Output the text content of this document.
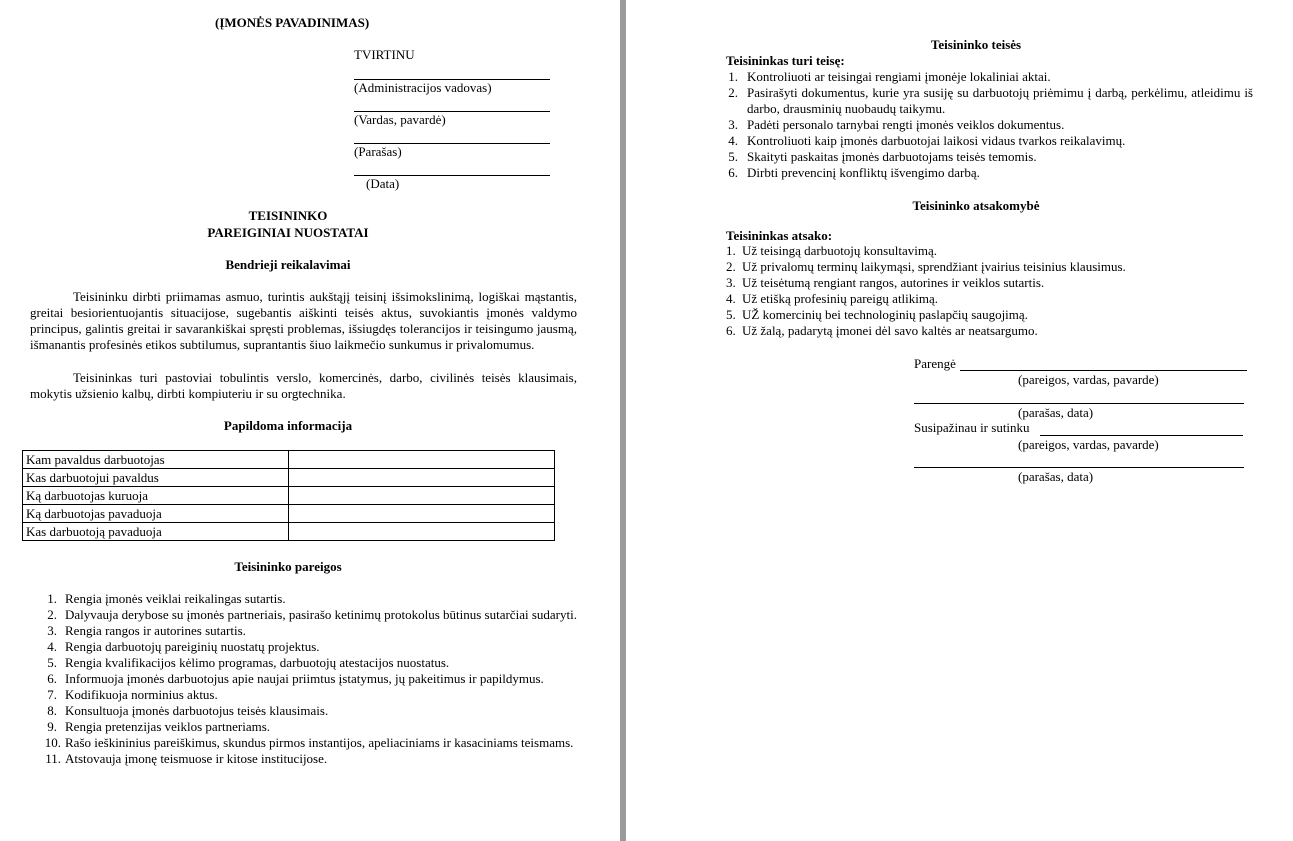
(ĮMONĖS PAVADINIMAS)
TVIRTINU
(Administracijos vadovas)
(Vardas, pavardė)
(Parašas)
(Data)
TEISININKO
PAREIGINIAI NUOSTATAI
Bendrieji reikalavimai
Teisininku dirbti priimamas asmuo, turintis aukštąjį teisinį išsimokslinimą, logiškai mąstantis, greitai besiorientuojantis situacijose, sugebantis aiškinti teisės aktus, suvokiantis įmonės valdymo principus, galintis greitai ir savarankiškai spręsti problemas, išsiugdęs tolerancijos ir teisingumo jausmą, išmanantis profesinės etikos subtilumus, suprantantis šiuo laikmečio sunkumus ir privalomumus.
Teisininkas turi pastoviai tobulintis verslo, komercinės, darbo, civilinės teisės klausimais, mokytis užsienio kalbų, dirbti kompiuteriu ir su orgtechnika.
Papildoma informacija
Kam pavaldus darbuotojas	
Kas darbuotojui pavaldus	
Ką darbuotojas kuruoja	
Ką darbuotojas pavaduoja	
Kas darbuotoją pavaduoja	
Teisininko pareigos
1. Rengia įmonės veiklai reikalingas sutartis.
2. Dalyvauja derybose su įmonės partneriais, pasirašo ketinimų protokolus būtinus sutarčiai sudaryti.
3. Rengia rangos ir autorines sutartis.
4. Rengia darbuotojų pareiginių nuostatų projektus.
5. Rengia kvalifikacijos kėlimo programas, darbuotojų atestacijos nuostatus.
6. Informuoja įmonės darbuotojus apie naujai priimtus įstatymus, jų pakeitimus ir papildymus.
7. Kodifikuoja norminius aktus.
8. Konsultuoja įmonės darbuotojus teisės klausimais.
9. Rengia pretenzijas veiklos partneriams.
10. Rašo ieškininius pareiškimus, skundus pirmos instantijos, apeliaciniams ir kasaciniams teismams.
11. Atstovauja įmonę teismuose ir kitose institucijose.
Teisininko teisės
Teisininkas turi teisę:
1. Kontroliuoti ar teisingai rengiami įmonėje lokaliniai aktai.
2. Pasirašyti dokumentus, kurie yra susiję su darbuotojų priėmimu į darbą, perkėlimu, atleidimu iš darbo, drausminių nuobaudų taikymu.
3. Padėti personalo tarnybai rengti įmonės veiklos dokumentus.
4. Kontroliuoti kaip įmonės darbuotojai laikosi vidaus tvarkos reikalavimų.
5. Skaityti paskaitas įmonės darbuotojams teisės temomis.
6. Dirbti prevencinį konfliktų išvengimo darbą.
Teisininko atsakomybė
Teisininkas atsako:
1. Už teisingą darbuotojų konsultavimą.
2. Už privalomų terminų laikymąsi, sprendžiant įvairius teisinius klausimus.
3. Už teisėtumą rengiant rangos, autorines ir veiklos sutartis.
4. Už etišką profesinių pareigų atlikimą.
5. UŽ komercinių bei technologinių paslapčių saugojimą.
6. Už žalą, padarytą įmonei dėl savo kaltės ar neatsargumo.
Parengė
(pareigos, vardas, pavarde)
(parašas, data)
Susipažinau ir sutinku
(pareigos, vardas, pavarde)
(parašas, data)
